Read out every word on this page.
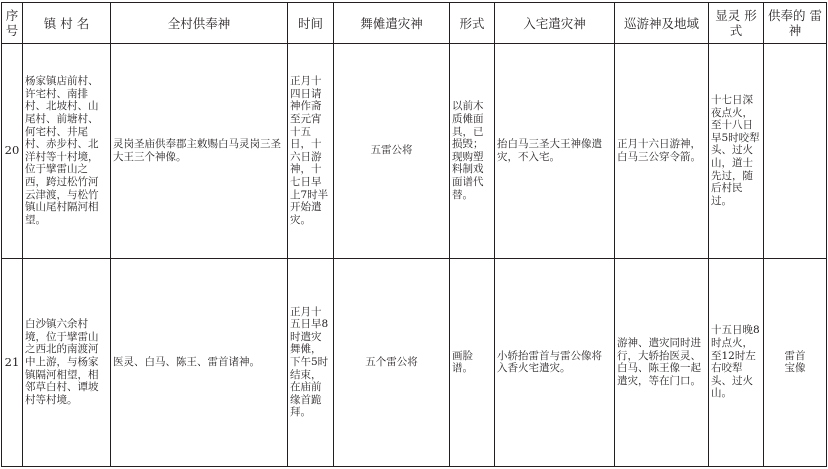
序 号	镇 村 名	全村供奉神	时间	舞傩遣灾神	形式	入宅遣灾神	巡游神及地域	显灵 形式	供奉的 雷神
20	杨家镇店前村、许宅村、南排村、北坡村、山尾村、前塘村、何宅村、井尾村、赤步村、北洋村等十村境，位于擘雷山之西，跨过松竹河云津渡，与松竹镇山尾村隔河相望。	灵岗圣庙供奉郡主敕赐白马灵岗三圣大王三个神像。	正月十四日请神作斋至元宵十五日，十六日游神，十七日早上7时半开始遣灾。	五雷公将	以前木质傩面具，已损毁；现购塑料制戏面谱代替。	抬白马三圣大王神像遣灾，不入宅。	正月十六日游神，白马三公穿令箭。	十七日深夜点火，至十八日早5时咬犁头、过火山，道士先过，随后村民过。	
21	白沙镇六余村境，位于擘雷山之西北的南渡河中上游，与杨家镇隔河相望，相邻草白村、谭坡村等村境。	医灵、白马、陈王、雷首诸神。	正月十五日早8时遣灾舞傩，下午5时结束，在庙前缘首跪拜。	五个雷公将	画脸谱。	小轿抬雷首与雷公像将入香火宅遣灾。	游神、遣灾同时进行，大轿抬医灵、白马、陈王像一起遣灾，等在门口。	十五日晚8时点火，至12时左右咬犁头、过火山。	雷首
宝像
